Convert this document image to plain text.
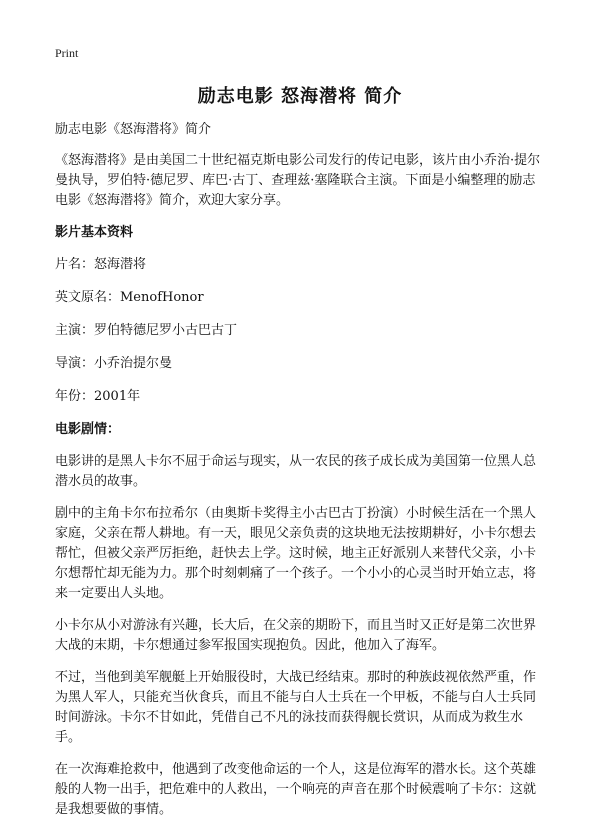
Print
励志电影 怒海潜将 简介

励志电影《怒海潜将》简介

《怒海潜将》是由美国二十世纪福克斯电影公司发行的传记电影，该片由小乔治·提尔曼执导，罗伯特·德尼罗、库巴·古丁、查理兹·塞隆联合主演。下面是小编整理的励志电影《怒海潜将》简介，欢迎大家分享。

影片基本资料

片名：怒海潜将

英文原名：MenofHonor

主演：罗伯特德尼罗小古巴古丁

导演：小乔治提尔曼

年份：2001年

电影剧情：

电影讲的是黑人卡尔不屈于命运与现实，从一农民的孩子成长成为美国第一位黑人总潜水员的故事。

剧中的主角卡尔布拉希尔（由奥斯卡奖得主小古巴古丁扮演）小时候生活在一个黑人家庭，父亲在帮人耕地。有一天，眼见父亲负责的这块地无法按期耕好，小卡尔想去帮忙，但被父亲严厉拒绝，赶快去上学。这时候，地主正好派别人来替代父亲，小卡尔想帮忙却无能为力。那个时刻刺痛了一个孩子。一个小小的心灵当时开始立志，将来一定要出人头地。

小卡尔从小对游泳有兴趣，长大后，在父亲的期盼下，而且当时又正好是第二次世界大战的末期，卡尔想通过参军报国实现抱负。因此，他加入了海军。

不过，当他到美军舰艇上开始服役时，大战已经结束。那时的种族歧视依然严重，作为黑人军人，只能充当伙食兵，而且不能与白人士兵在一个甲板，不能与白人士兵同时间游泳。卡尔不甘如此，凭借自己不凡的泳技而获得舰长赏识，从而成为救生水手。

在一次海难抢救中，他遇到了改变他命运的一个人，这是位海军的潜水长。这个英雄般的人物一出手，把危难中的人救出，一个响亮的声音在那个时候震响了卡尔：这就是我想要做的事情。
